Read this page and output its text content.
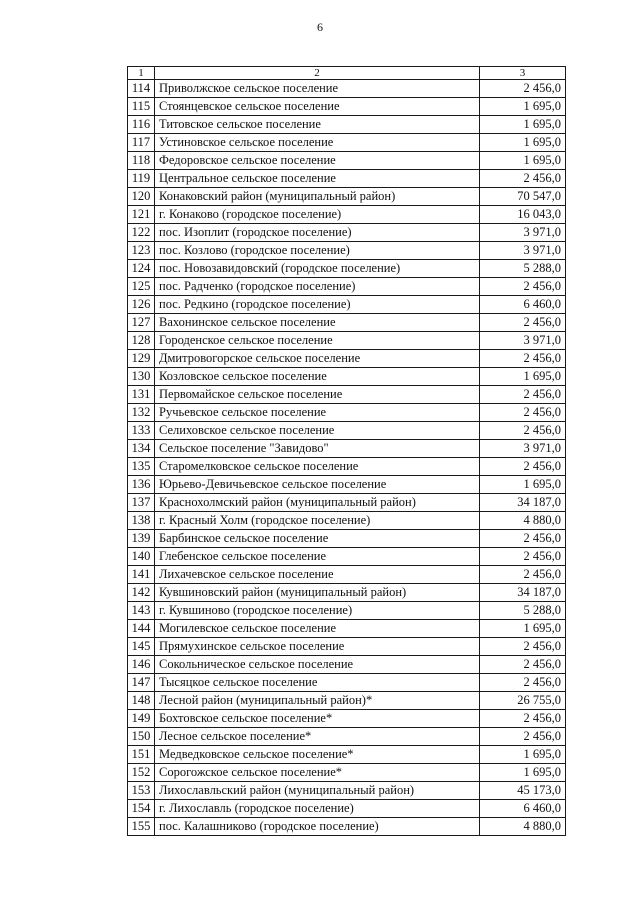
6
1	2	3
114	Приволжское сельское поселение	2 456,0
115	Стоянцевское сельское поселение	1 695,0
116	Титовское сельское поселение	1 695,0
117	Устиновское сельское поселение	1 695,0
118	Федоровское сельское поселение	1 695,0
119	Центральное сельское поселение	2 456,0
120	Конаковский район (муниципальный район)	70 547,0
121	г. Конаково (городское поселение)	16 043,0
122	пос. Изоплит (городское поселение)	3 971,0
123	пос. Козлово (городское поселение)	3 971,0
124	пос. Новозавидовский (городское поселение)	5 288,0
125	пос. Радченко (городское поселение)	2 456,0
126	пос. Редкино (городское поселение)	6 460,0
127	Вахонинское сельское поселение	2 456,0
128	Городенское сельское поселение	3 971,0
129	Дмитровогорское сельское поселение	2 456,0
130	Козловское сельское поселение	1 695,0
131	Первомайское сельское поселение	2 456,0
132	Ручьевское сельское поселение	2 456,0
133	Селиховское сельское поселение	2 456,0
134	Сельское поселение "Завидово"	3 971,0
135	Старомелковское сельское поселение	2 456,0
136	Юрьево-Девичьевское сельское поселение	1 695,0
137	Краснохолмский район (муниципальный район)	34 187,0
138	г. Красный Холм (городское поселение)	4 880,0
139	Барбинское сельское поселение	2 456,0
140	Глебенское сельское поселение	2 456,0
141	Лихачевское сельское поселение	2 456,0
142	Кувшиновский район (муниципальный район)	34 187,0
143	г. Кувшиново (городское поселение)	5 288,0
144	Могилевское сельское поселение	1 695,0
145	Прямухинское сельское поселение	2 456,0
146	Сокольническое сельское поселение	2 456,0
147	Тысяцкое сельское поселение	2 456,0
148	Лесной район (муниципальный район)*	26 755,0
149	Бохтовское сельское поселение*	2 456,0
150	Лесное сельское поселение*	2 456,0
151	Медведковское сельское поселение*	1 695,0
152	Сорогожское сельское поселение*	1 695,0
153	Лихославльский район (муниципальный район)	45 173,0
154	г. Лихославль (городское поселение)	6 460,0
155	пос. Калашниково (городское поселение)	4 880,0
